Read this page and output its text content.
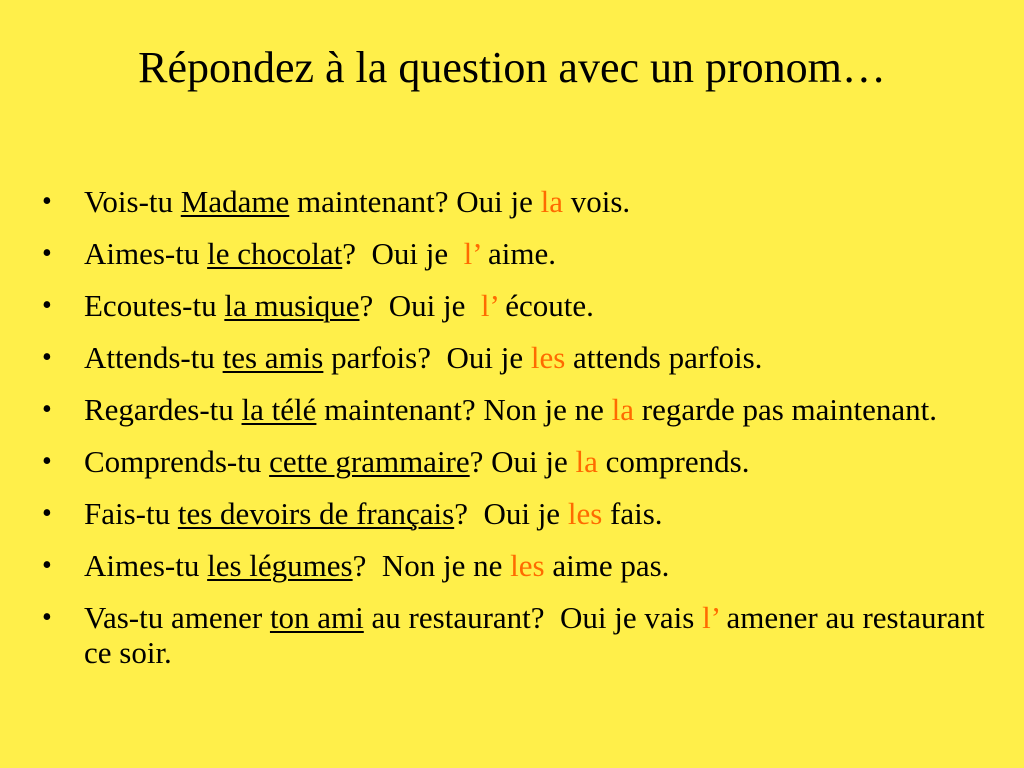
Répondez à la question avec un pronom…
• Vois-tu Madame maintenant? Oui je la vois.
• Aimes-tu le chocolat?  Oui je  l’ aime.
• Ecoutes-tu la musique?  Oui je  l’ écoute.
• Attends-tu tes amis parfois?  Oui je les attends parfois.
• Regardes-tu la télé maintenant? Non je ne la regarde pas maintenant.
• Comprends-tu cette grammaire? Oui je la comprends.
• Fais-tu tes devoirs de français?  Oui je les fais.
• Aimes-tu les légumes?  Non je ne les aime pas.
• Vas-tu amener ton ami au restaurant?  Oui je vais l’ amener au restaurant ce soir.
